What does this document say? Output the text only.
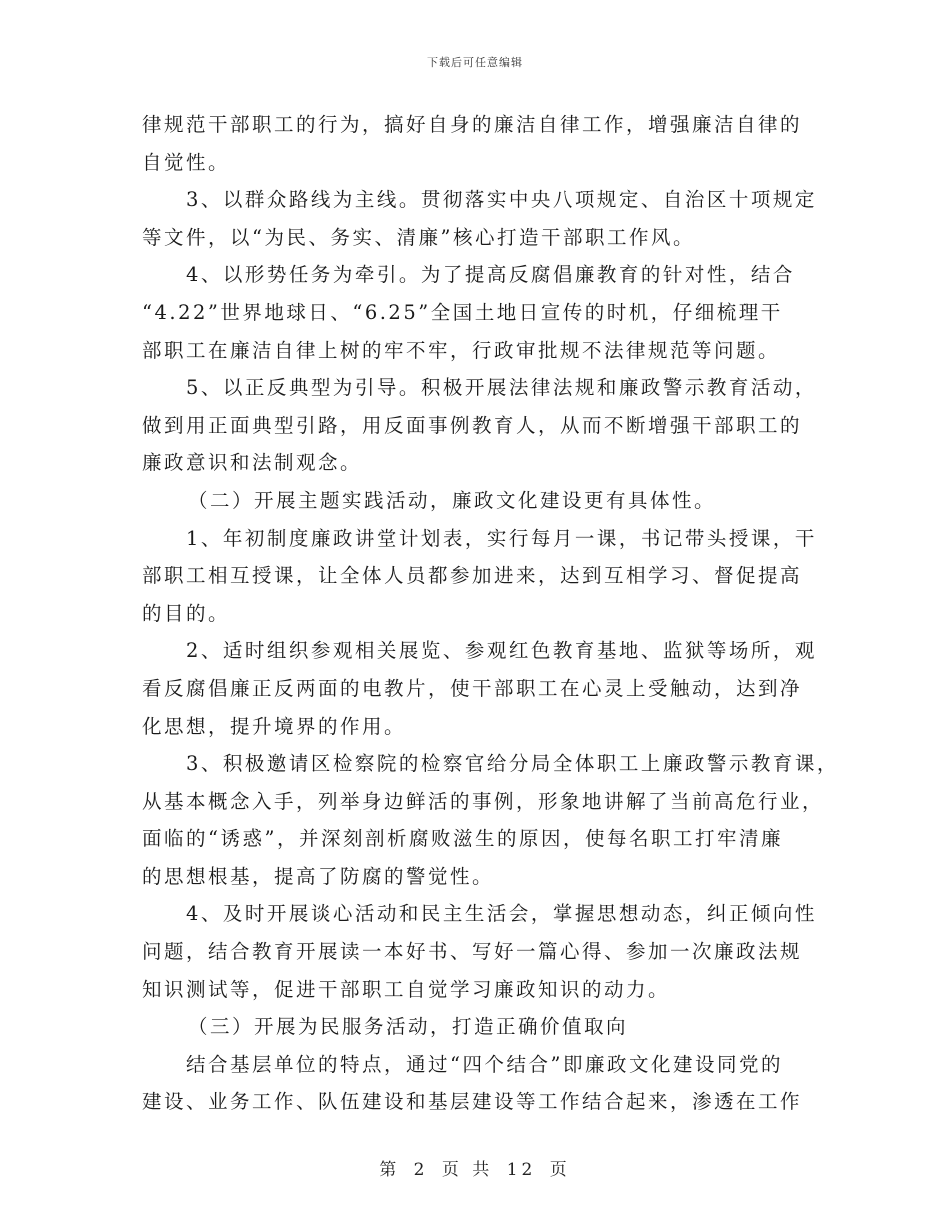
下载后可任意编辑
律规范干部职工的行为，搞好自身的廉洁自律工作，增强廉洁自律的
自觉性。
3、以群众路线为主线。贯彻落实中央八项规定、自治区十项规定
等文件，以“为民、务实、清廉”核心打造干部职工作风。
4、以形势任务为牵引。为了提高反腐倡廉教育的针对性，结合
“4.22”世界地球日、“6.25”全国土地日宣传的时机，仔细梳理干
部职工在廉洁自律上树的牢不牢，行政审批规不法律规范等问题。
5、以正反典型为引导。积极开展法律法规和廉政警示教育活动，
做到用正面典型引路，用反面事例教育人，从而不断增强干部职工的
廉政意识和法制观念。
（二）开展主题实践活动，廉政文化建设更有具体性。
1、年初制度廉政讲堂计划表，实行每月一课，书记带头授课，干
部职工相互授课，让全体人员都参加进来，达到互相学习、督促提高
的目的。
2、适时组织参观相关展览、参观红色教育基地、监狱等场所，观
看反腐倡廉正反两面的电教片，使干部职工在心灵上受触动，达到净
化思想，提升境界的作用。
3、积极邀请区检察院的检察官给分局全体职工上廉政警示教育课，
从基本概念入手，列举身边鲜活的事例，形象地讲解了当前高危行业，
面临的“诱惑”，并深刻剖析腐败滋生的原因，使每名职工打牢清廉
的思想根基，提高了防腐的警觉性。
4、及时开展谈心活动和民主生活会，掌握思想动态，纠正倾向性
问题，结合教育开展读一本好书、写好一篇心得、参加一次廉政法规
知识测试等，促进干部职工自觉学习廉政知识的动力。
（三）开展为民服务活动，打造正确价值取向
结合基层单位的特点，通过“四个结合”即廉政文化建设同党的
建设、业务工作、队伍建设和基层建设等工作结合起来，渗透在工作
第 2 页 共 12 页
